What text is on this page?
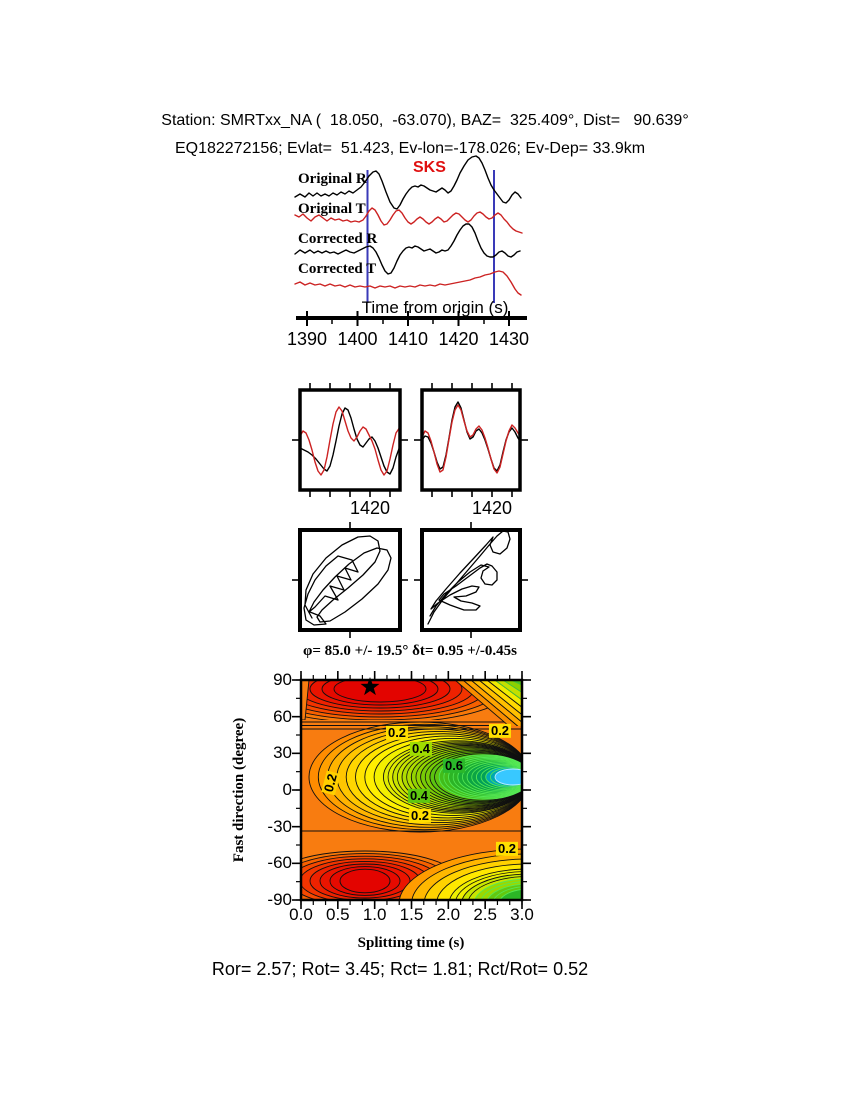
Station: SMRTxx_NA (  18.050,  -63.070), BAZ=  325.409°, Dist=   90.639°
EQ182272156; Evlat=  51.423, Ev-lon=-178.026; Ev-Dep= 33.9km
SKS
Original R
Original T
Corrected R
Corrected T
Time from origin (s)
1390 1400 1410 1420 1430
1420	1420
φ= 85.0 +/- 19.5° δt= 0.95 +/-0.45s
Fast direction (degree)
Splitting time (s)
90
60
30
0
-30
-60
-90
0.0 0.5 1.0 1.5 2.0 2.5 3.0
0.2	0.2
0.4
0.6
0.4
0.2
0.2
0.2
Ror= 2.57; Rot= 3.45; Rct= 1.81; Rct/Rot= 0.52
